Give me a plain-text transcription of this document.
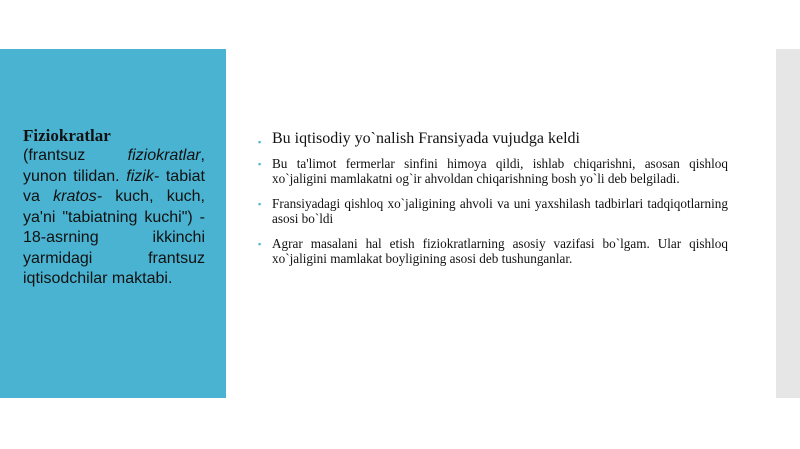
Fiziokratlar
(frantsuz fiziokratlar, yunon tilidan. fizik- tabiat va kratos- kuch, kuch, ya'ni "tabiatning kuchi") - 18-asrning ikkinchi yarmidagi frantsuz iqtisodchilar maktabi.
▪ Bu iqtisodiy yo`nalish Fransiyada vujudga keldi
▪ Bu ta'limot fermerlar sinfini himoya qildi, ishlab chiqarishni, asosan qishloq xo`jaligini mamlakatni og`ir ahvoldan chiqarishning bosh yo`li deb belgiladi.
▪ Fransiyadagi qishloq xo`jaligining ahvoli va uni yaxshilash tadbirlari tadqiqotlarning asosi bo`ldi
▪ Agrar masalani hal etish fiziokratlarning asosiy vazifasi bo`lgam. Ular qishloq xo`jaligini mamlakat boyligining asosi deb tushunganlar.
